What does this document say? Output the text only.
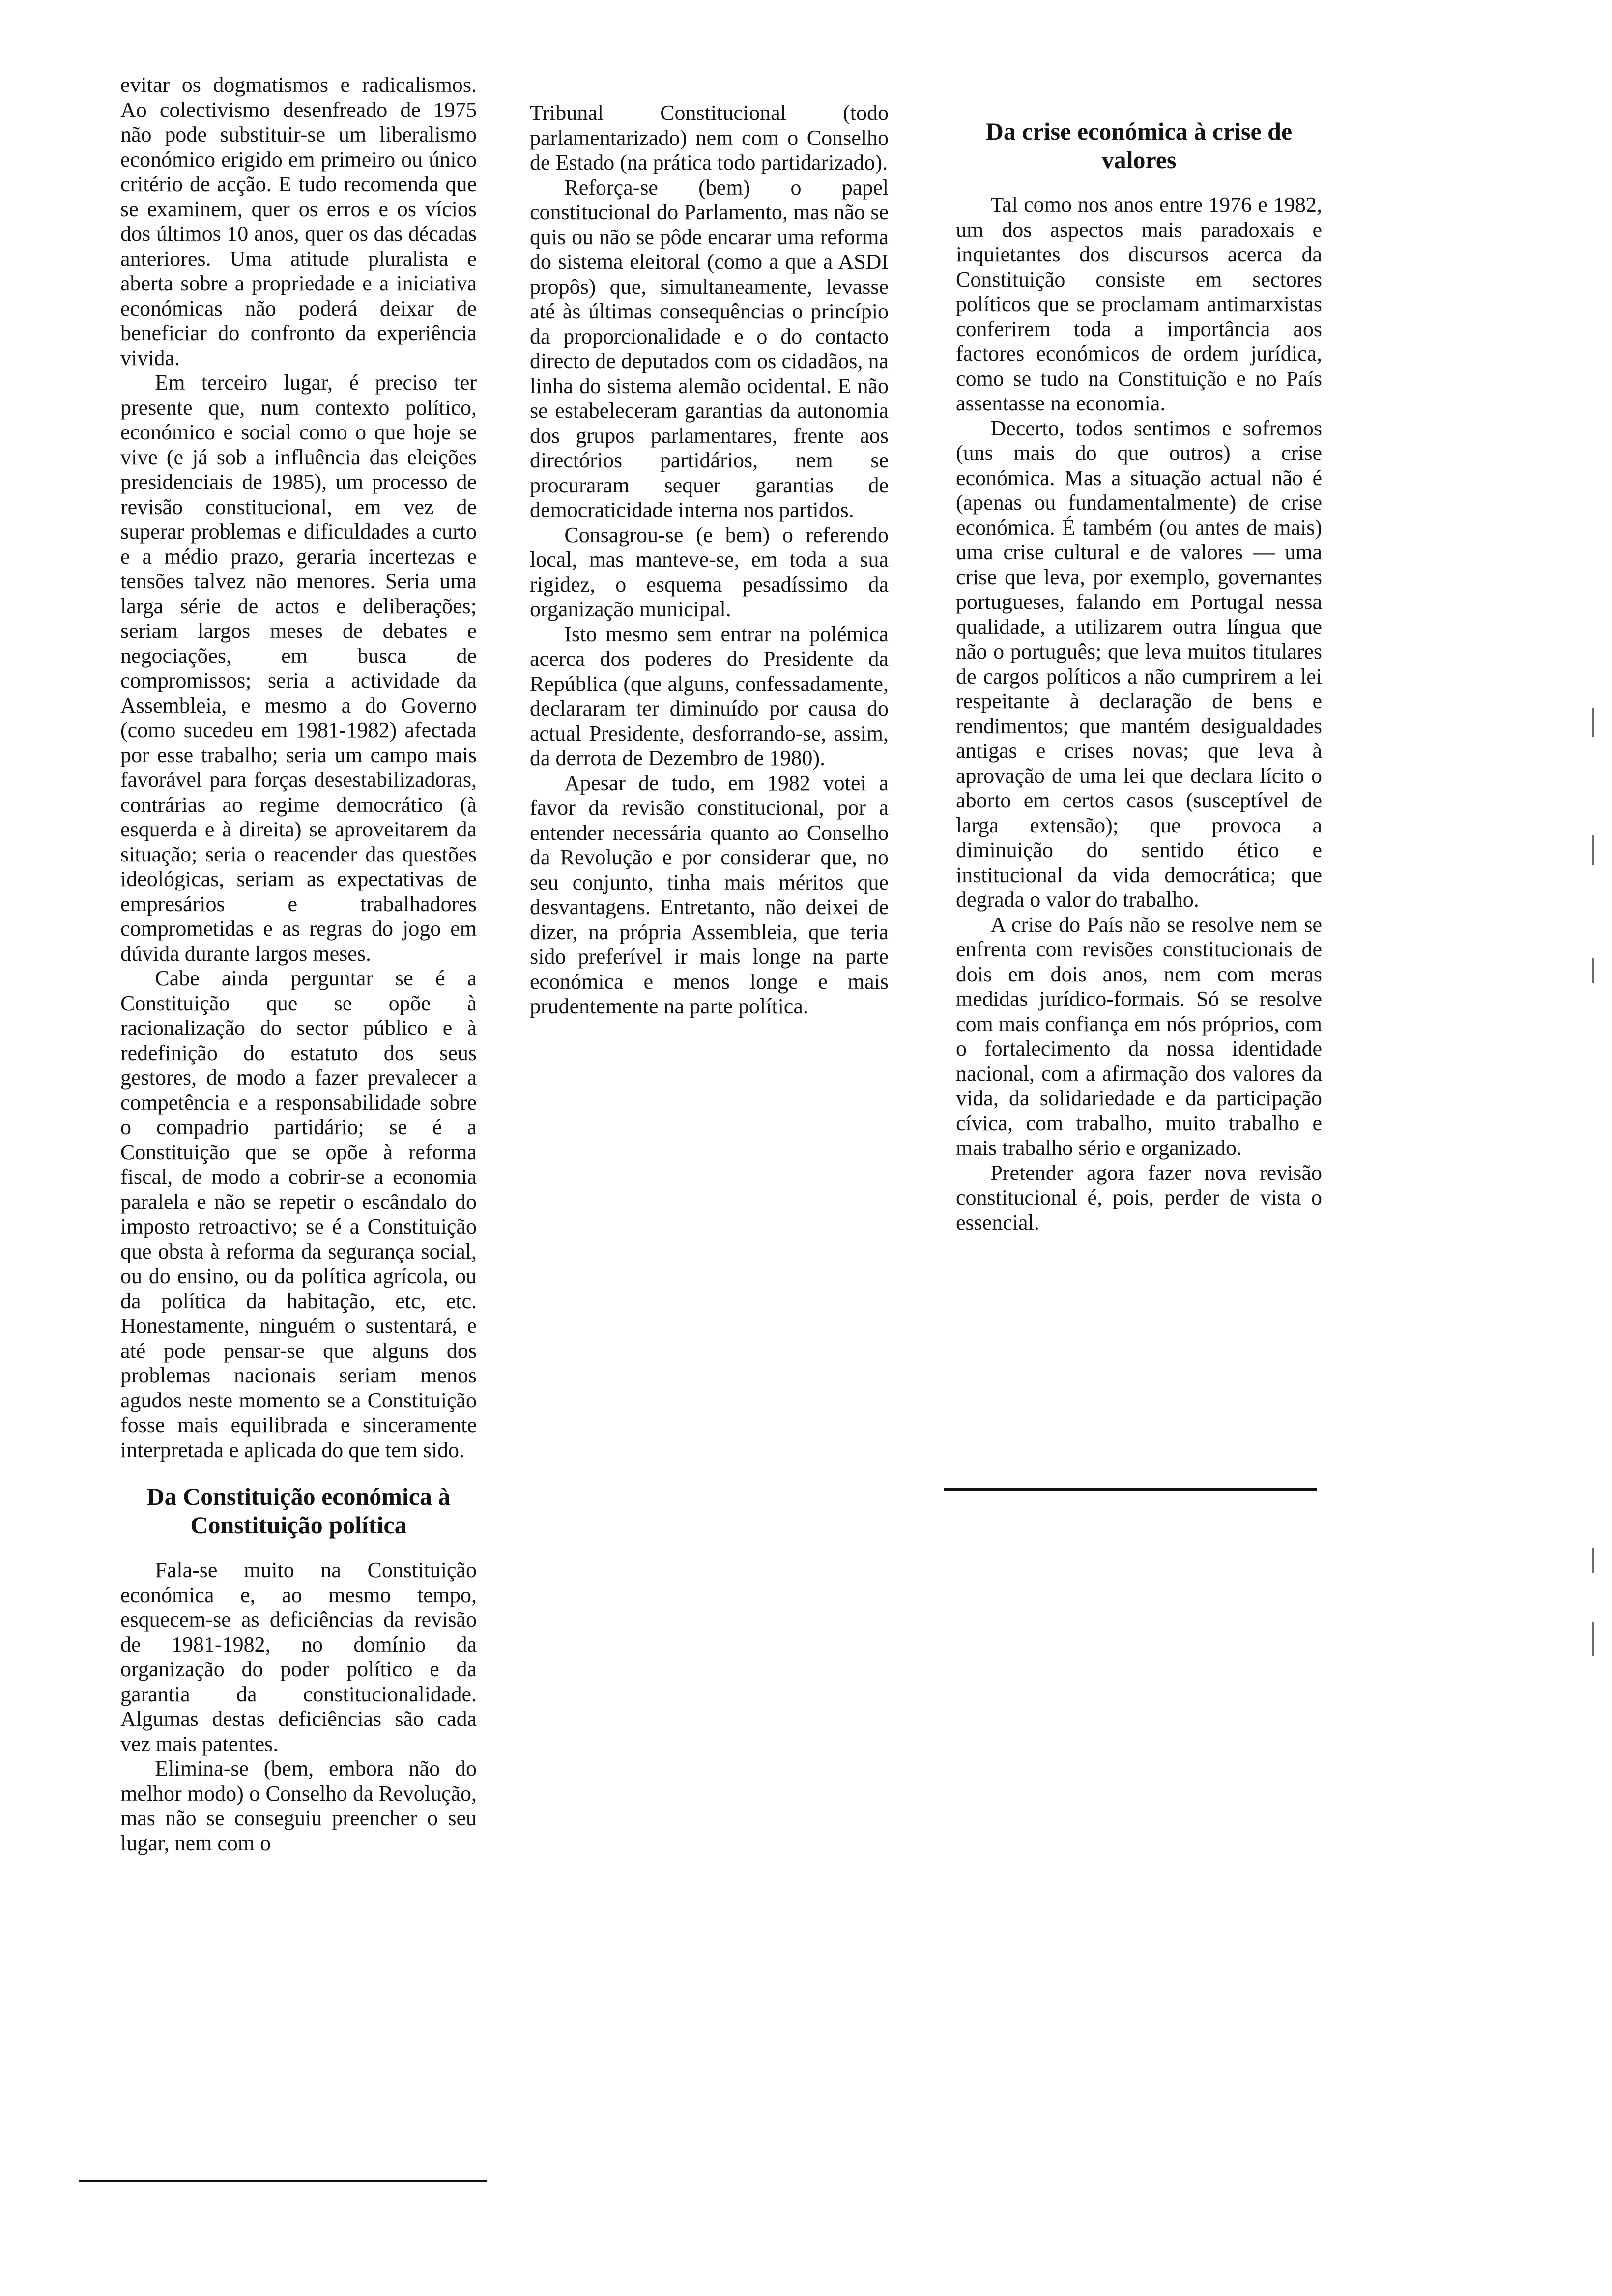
evitar os dogmatismos e radicalismos. Ao colectivismo desenfreado de 1975 não pode substituir-se um liberalismo económico erigido em primeiro ou único critério de acção. E tudo recomenda que se examinem, quer os erros e os vícios dos últimos 10 anos, quer os das décadas anteriores. Uma atitude pluralista e aberta sobre a propriedade e a iniciativa económicas não poderá deixar de beneficiar do confronto da experiência vivida.

Em terceiro lugar, é preciso ter presente que, num contexto político, económico e social como o que hoje se vive (e já sob a influência das eleições presidenciais de 1985), um processo de revisão constitucional, em vez de superar problemas e dificuldades a curto e a médio prazo, geraria incertezas e tensões talvez não menores. Seria uma larga série de actos e deliberações; seriam largos meses de debates e negociações, em busca de compromissos; seria a actividade da Assembleia, e mesmo a do Governo (como sucedeu em 1981-1982) afectada por esse trabalho; seria um campo mais favorável para forças desestabilizadoras, contrárias ao regime democrático (à esquerda e à direita) se aproveitarem da situação; seria o reacender das questões ideológicas, seriam as expectativas de empresários e trabalhadores comprometidas e as regras do jogo em dúvida durante largos meses.

Cabe ainda perguntar se é a Constituição que se opõe à racionalização do sector público e à redefinição do estatuto dos seus gestores, de modo a fazer prevalecer a competência e a responsabilidade sobre o compadrio partidário; se é a Constituição que se opõe à reforma fiscal, de modo a cobrir-se a economia paralela e não se repetir o escândalo do imposto retroactivo; se é a Constituição que obsta à reforma da segurança social, ou do ensino, ou da política agrícola, ou da política da habitação, etc, etc. Honestamente, ninguém o sustentará, e até pode pensar-se que alguns dos problemas nacionais seriam menos agudos neste momento se a Constituição fosse mais equilibrada e sinceramente interpretada e aplicada do que tem sido.

Da Constituição económica à Constituição política

Fala-se muito na Constituição económica e, ao mesmo tempo, esquecem-se as deficiências da revisão de 1981-1982, no domínio da organização do poder político e da garantia da constitucionalidade. Algumas destas deficiências são cada vez mais patentes.

Elimina-se (bem, embora não do melhor modo) o Conselho da Revolução, mas não se conseguiu preencher o seu lugar, nem com o

Tribunal Constitucional (todo parlamentarizado) nem com o Conselho de Estado (na prática todo partidarizado).

Reforça-se (bem) o papel constitucional do Parlamento, mas não se quis ou não se pôde encarar uma reforma do sistema eleitoral (como a que a ASDI propôs) que, simultaneamente, levasse até às últimas consequências o princípio da proporcionalidade e o do contacto directo de deputados com os cidadãos, na linha do sistema alemão ocidental. E não se estabeleceram garantias da autonomia dos grupos parlamentares, frente aos directórios partidários, nem se procuraram sequer garantias de democraticidade interna nos partidos.

Consagrou-se (e bem) o referendo local, mas manteve-se, em toda a sua rigidez, o esquema pesadíssimo da organização municipal.

Isto mesmo sem entrar na polémica acerca dos poderes do Presidente da República (que alguns, confessadamente, declararam ter diminuído por causa do actual Presidente, desforrando-se, assim, da derrota de Dezembro de 1980).

Apesar de tudo, em 1982 votei a favor da revisão constitucional, por a entender necessária quanto ao Conselho da Revolução e por considerar que, no seu conjunto, tinha mais méritos que desvantagens. Entretanto, não deixei de dizer, na própria Assembleia, que teria sido preferível ir mais longe na parte económica e menos longe e mais prudentemente na parte política.

Da crise económica à crise de valores

Tal como nos anos entre 1976 e 1982, um dos aspectos mais paradoxais e inquietantes dos discursos acerca da Constituição consiste em sectores políticos que se proclamam antimarxistas conferirem toda a importância aos factores económicos de ordem jurídica, como se tudo na Constituição e no País assentasse na economia.

Decerto, todos sentimos e sofremos (uns mais do que outros) a crise económica. Mas a situação actual não é (apenas ou fundamentalmente) de crise económica. É também (ou antes de mais) uma crise cultural e de valores — uma crise que leva, por exemplo, governantes portugueses, falando em Portugal nessa qualidade, a utilizarem outra língua que não o português; que leva muitos titulares de cargos políticos a não cumprirem a lei respeitante à declaração de bens e rendimentos; que mantém desigualdades antigas e crises novas; que leva à aprovação de uma lei que declara lícito o aborto em certos casos (susceptível de larga extensão); que provoca a diminuição do sentido ético e institucional da vida democrática; que degrada o valor do trabalho.

A crise do País não se resolve nem se enfrenta com revisões constitucionais de dois em dois anos, nem com meras medidas jurídico-formais. Só se resolve com mais confiança em nós próprios, com o fortalecimento da nossa identidade nacional, com a afirmação dos valores da vida, da solidariedade e da participação cívica, com trabalho, muito trabalho e mais trabalho sério e organizado.

Pretender agora fazer nova revisão constitucional é, pois, perder de vista o essencial.
